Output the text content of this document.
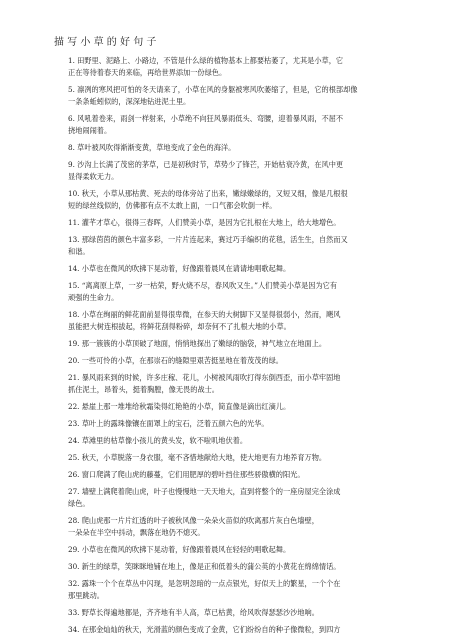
描写小草的好句子
1. 田野里、泥路上、小路边，不管是什么绿的植物基本上都要枯萎了，尤其是小草，它
正在等待着春天的来临，再给世界添加一份绿色。
5. 凛冽的寒风把可怕的冬天请来了，小草在风的身躯被寒风吹萎缩了，但是，它的根部却像
一条条蚯蚓似的，深深地钻进泥土里。
6. 风吼着卷来，雨剑一样射来，小草绝不向狂风暴雨低头、弯腰，迎着暴风雨，不屈不
挠地闹闹着。
8. 草叶被风吹得渐渐变黄，草地变成了金色的海洋。
9. 沙沟上长满了茂密的茅草，已是初秋时节，草势少了锋芒，开始枯衰冷黄，在风中更
显得柔软无力。
10. 秋天，小草从那枯黄、死去的母体旁站了出来，嫩绿嫩绿的，又短又细，像是几根很
短的绿丝线似的，仿佛都有点不太敢上面，一口气都会吹倒一样。
11. 灌芊才草心，很得三春晖，人们赞美小草，是因为它扎根在大地上，给大地增色。
13. 那绿茵茵的颜色丰富多彩，一片片连起来，赛过巧手编织的花毯，活生生，自然而又
和谐。
14. 小草也在微风的吹拂下晃动着，好像跟着晨风在请请地唱歌起舞。
15. “离离原上草，一岁一枯荣，野火烧不尽，春风吹又生。”人们赞美小草是因为它有
顽强的生命力。
18. 小草在绚丽的鲜花面前显得很卑微，在参天的大树脚下又显得很弱小，然而，飓风
虽能把大树连根拔起，将鲜花刮得粉碎，却奈何不了扎根大地的小草。
19. 那一簇簇的小草顶破了地面，悄悄地探出了嫩绿的脑袋，神气地立在地面上。
20. 一些可怜的小草，在那崇石的缝隙里艰苦挺星地在着茂茂的绿。
21. 暴风雨来到的时候，许多庄稼、花儿，小树被风雨吹打得东倒西歪，而小草牢固地
抓住泥土，昂着头，挺着胸膛，像无畏的战士。
22. 悬崖上那一堆堆给秋霜染得红艳艳的小草，简直像是滴出红滴儿。
23. 草叶上的露珠像镶在面罩上的宝石，泛着五颜六色的光华。
24. 草滩里的枯草像小孩儿的黄头发，软不啦叽地伏着。
25. 秋天，小草脱落一身衣服，毫不吝惜地献给大地，使大地更有力地养育万物。
26. 窗口爬满了爬山虎的藤蔓，它们用肥厚的碧叶挡住那些骄傲横的阳光。
27. 墙壁上满爬着爬山虎，叶子也慢慢地一天天地大，直到将整个的一座房屋完全涂成
绿色。
28. 爬山虎那一片片红透的叶子被秋风像一朵朵火苗似的吹离那片灰白色墙壁，
一朵朵在半空中抖动，飘落在地仍不熄灭。
29. 小草也在微风的吹拂下晃动着，好像跟着晨风在轻轻的唱歌起舞。
30. 新生的绿草，笑眯眯地铺在地上，像是正和低着头的蒲公英的小黄花在绵绵情话。
32. 露珠一个个在草丛中闪现，是忽明忽暗的一点点银光，好似天上的繁星，一个个在
那里跳动。
33. 野草长得遍地都是，齐齐地有半人高，草已枯黄，给风吹得瑟瑟沙沙地响。
34. 在那金灿灿的秋天，光滑蓝的颜色变成了金黄，它们纷纷自的种子像微粒，到四方
